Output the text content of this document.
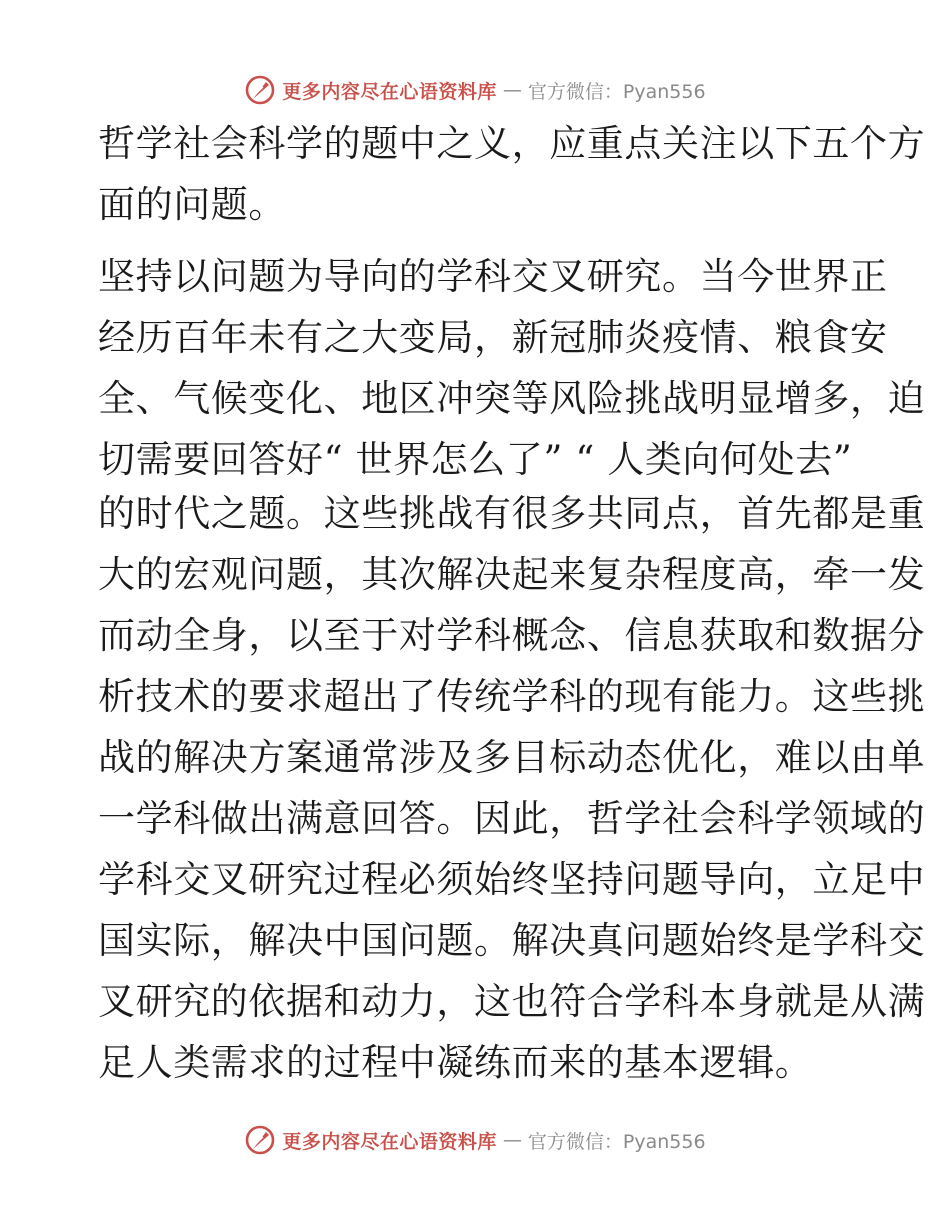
更多内容尽在心语资料库 — 官方微信：Pyan556
哲学社会科学的题中之义，应重点关注以下五个方
面的问题。
坚持以问题为导向的学科交叉研究。当今世界正
经历百年未有之大变局，新冠肺炎疫情、粮食安
全、气候变化、地区冲突等风险挑战明显增多，迫
切需要回答好“ 世界怎么了” “ 人类向何处去”
的时代之题。这些挑战有很多共同点，首先都是重
大的宏观问题，其次解决起来复杂程度高，牵一发
而动全身，以至于对学科概念、信息获取和数据分
析技术的要求超出了传统学科的现有能力。这些挑
战的解决方案通常涉及多目标动态优化，难以由单
一学科做出满意回答。因此，哲学社会科学领域的
学科交叉研究过程必须始终坚持问题导向，立足中
国实际，解决中国问题。解决真问题始终是学科交
叉研究的依据和动力，这也符合学科本身就是从满
足人类需求的过程中凝练而来的基本逻辑。
更多内容尽在心语资料库 — 官方微信：Pyan556
